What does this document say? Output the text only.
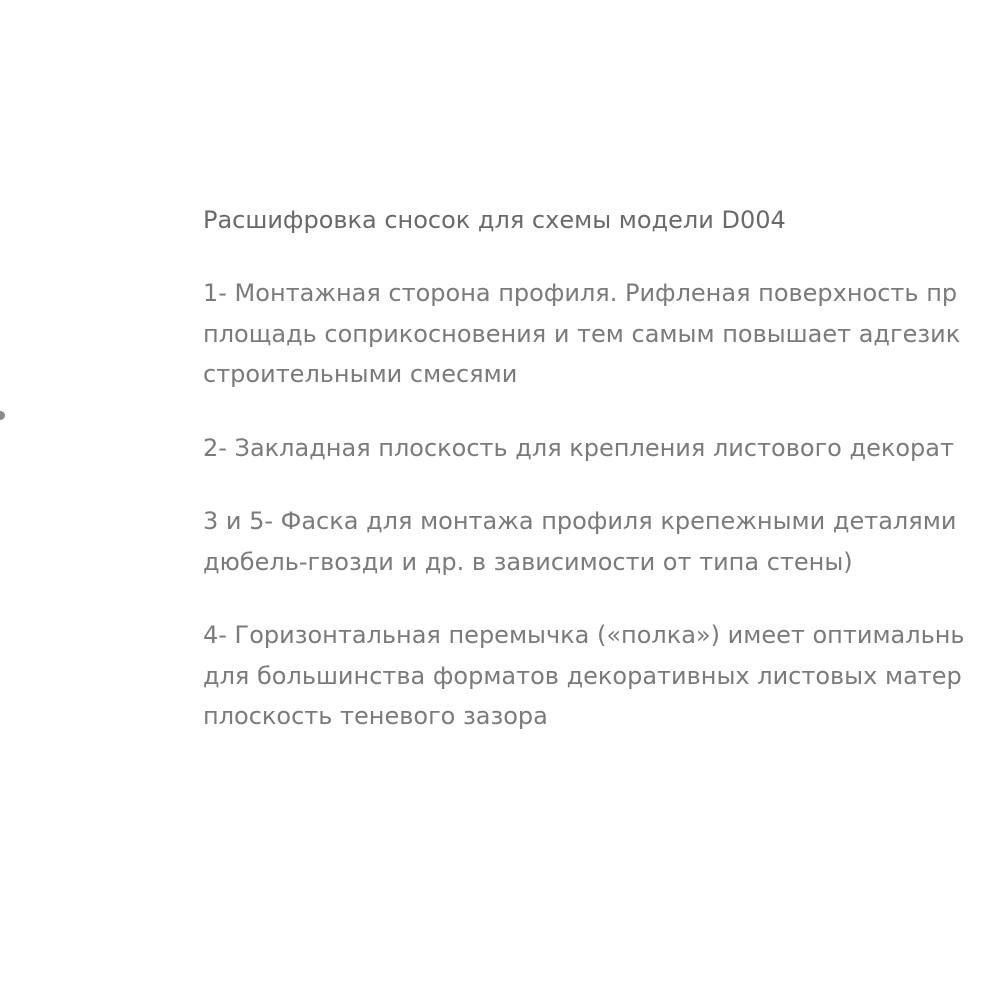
Расшифровка сносок для схемы модели D004

1- Монтажная сторона профиля. Рифленая поверхность пр
площадь соприкосновения и тем самым повышает адгезик
строительными смесями

2- Закладная плоскость для крепления листового декорат

3 и 5- Фаска для монтажа профиля крепежными деталями
дюбель-гвозди и др. в зависимости от типа стены)

4- Горизонтальная перемычка («полка») имеет оптимальнь
для большинства форматов декоративных листовых матер
плоскость теневого зазора
